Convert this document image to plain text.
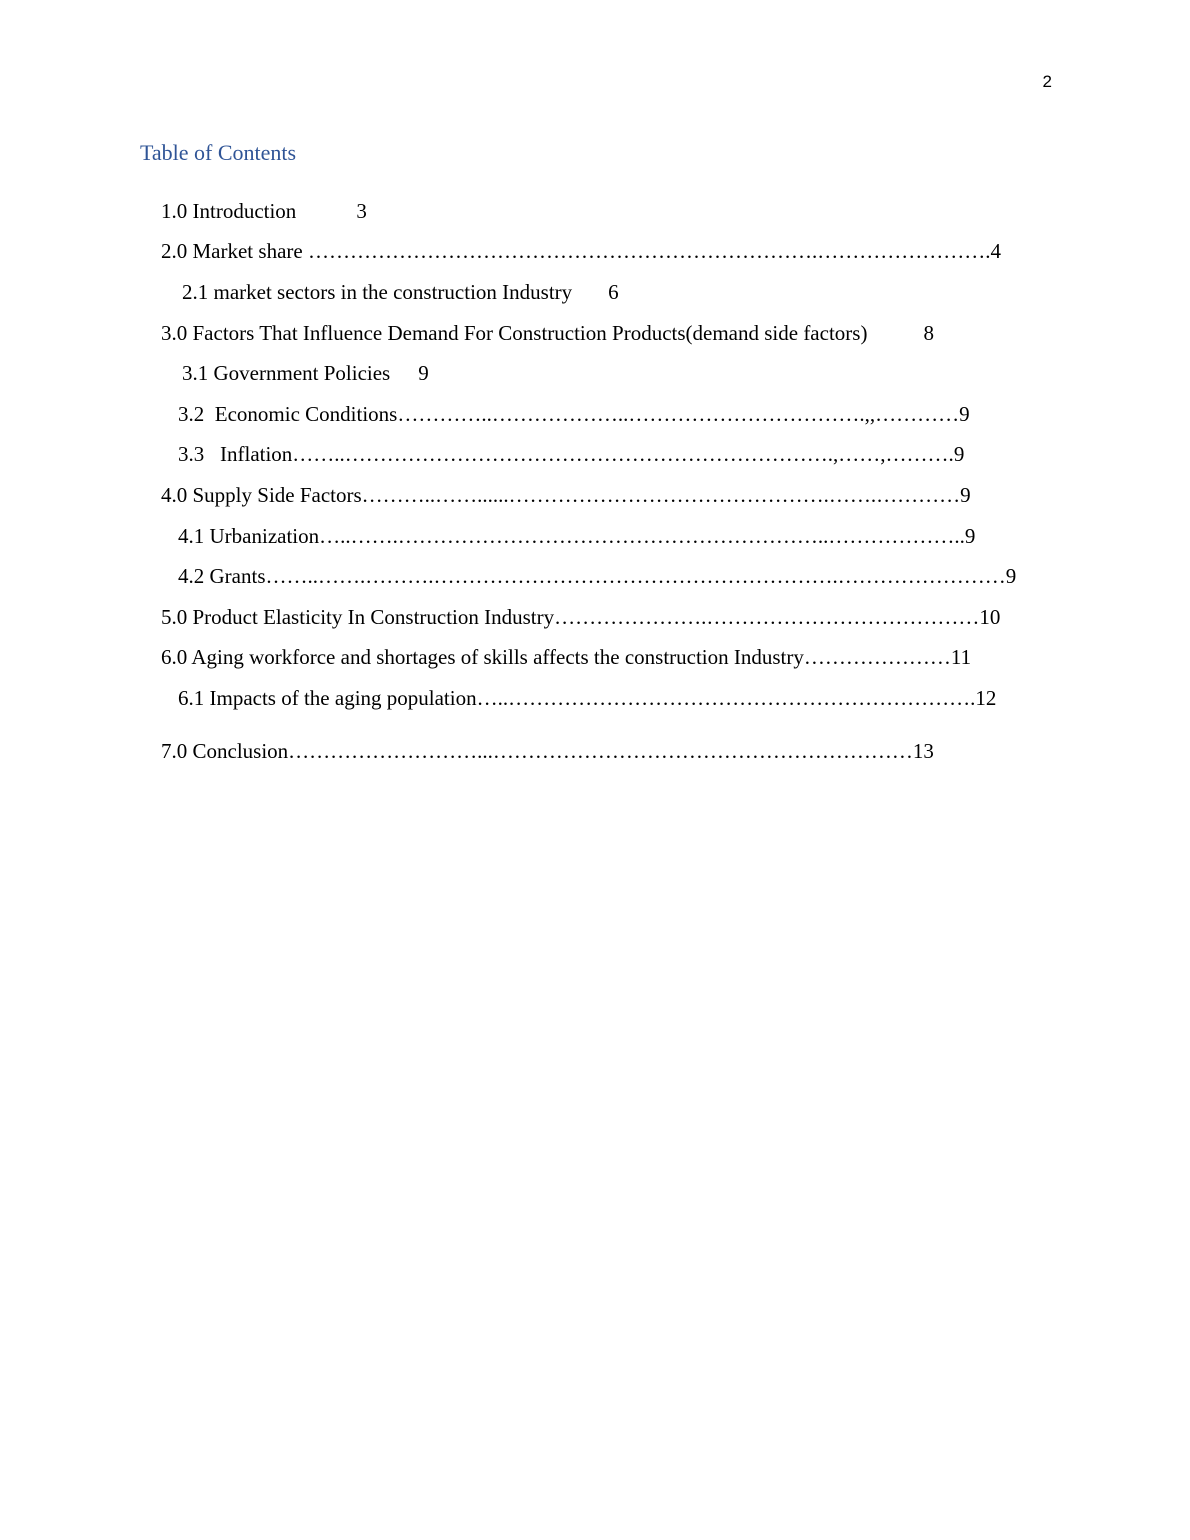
2
Table of Contents

1.0 Introduction	3

2.0 Market share ……………………………………………………………….…………………….4

2.1 market sectors in the construction Industry 6

3.0 Factors That Influence Demand For Construction Products(demand side factors)	8

3.1 Government Policies 9

3.2  Economic Conditions…………..………………..…………………………….,,…………9

3.3   Inflation……..…………………………………………………………….,……,……….9

4.0 Supply Side Factors………..……......……………………………………….…….…………9

4.1 Urbanization…..…….……………………………………………………..………………..9

4.2 Grants……..…….……….………………………………………………….……………………9

5.0 Product Elasticity In Construction Industry………………….…………………………………10

6.0 Aging workforce and shortages of skills affects the construction Industry…………………11

6.1 Impacts of the aging population…..………………………………………………………….12

7.0 Conclusion………………………...……………………………………………………13
